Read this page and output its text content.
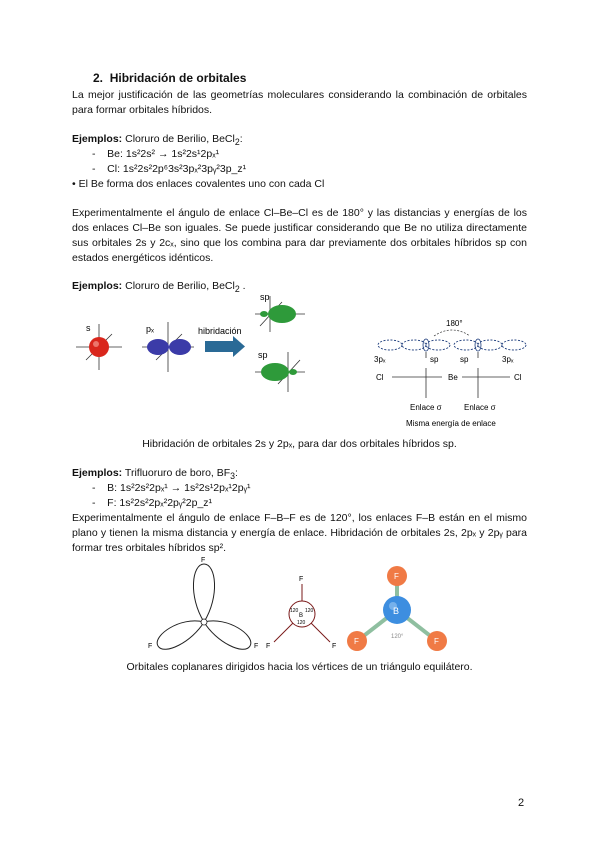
2. Hibridación de orbitales
La mejor justificación de las geometrías moleculares considerando la combinación de orbitales para formar orbitales híbridos.
Ejemplos: Cloruro de Berilio, BeCl$_2$:
-    Be: 1s²2s² → 1s²2s¹2pₓ¹
-    Cl: 1s²2s²2p⁶3s²3pₓ²3pᵧ²3p_z¹
• El Be forma dos enlaces covalentes uno con cada Cl
Experimentalmente el ángulo de enlace Cl–Be–Cl es de 180° y las distancias y energías de los dos enlaces Cl–Be son iguales. Se puede justificar considerando que Be no utiliza directamente sus orbitales 2s y 2cₓ, sino que los combina para dar previamente dos orbitales híbridos sp con estados energéticos idénticos.
Ejemplos: Cloruro de Berilio, BeCl$_2$ .
s	pₓ	hibridación
sp
sp
180°
3pₓ	sp	sp	3pₓ
Cl	Be	Cl
Enlace σ	Enlace σ
Misma energía de enlace
Hibridación de orbitales 2s y 2pₓ, para dar dos orbitales híbridos sp.
Ejemplos: Trifluoruro de boro, $BF_3$:
-    B: 1s²2s²2pₓ¹ → 1s²2s¹2pₓ¹2pᵧ¹
-    F: 1s²2s²2pₓ²2pᵧ²2p_z¹
Experimentalmente el ángulo de enlace F–B–F es de 120°, los enlaces F–B están en el mismo plano y tienen la misma distancia y energía de enlace. Hibridación de orbitales 2s, 2pₓ y 2pᵧ para formar tres orbitales híbridos sp².
F
F	F
F
F	F
B
120 120
120
F
F	F
B
120°
Orbitales coplanares dirigidos hacia los vértices de un triángulo equilátero.
2
